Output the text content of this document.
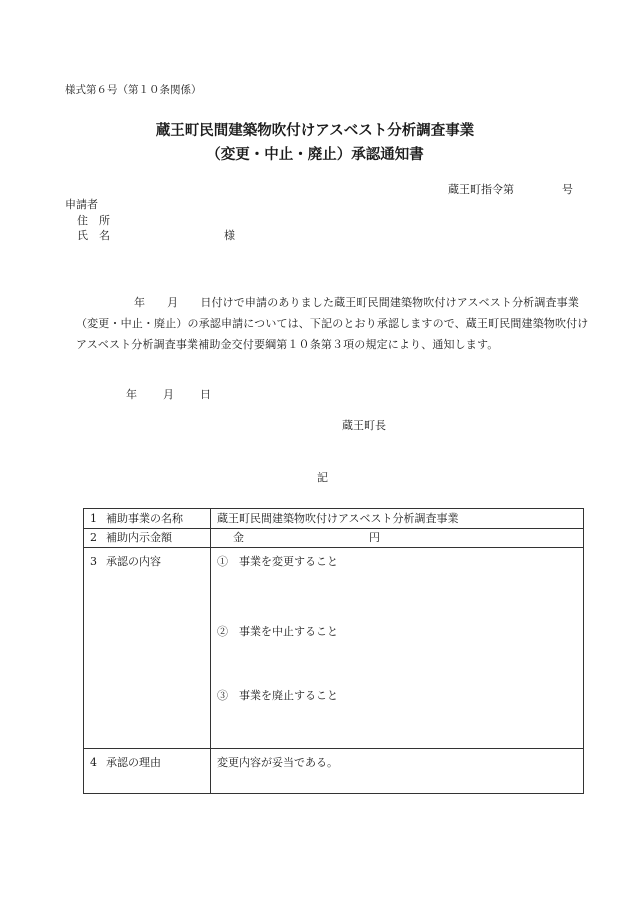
様式第６号（第１０条関係）
蔵王町民間建築物吹付けアスベスト分析調査事業
（変更・中止・廃止）承認通知書
蔵王町指令第	号
申請者
住　所
氏　名	様
年 月 日付けで申請のありました蔵王町民間建築物吹付けアスベスト分析調査事業（変更・中止・廃止）の承認申請については、下記のとおり承認しますので、蔵王町民間建築物吹付けアスベスト分析調査事業補助金交付要綱第１０条第３項の規定により、通知します。
年 月 日
蔵王町長
記
1 補助事業の名称	蔵王町民間建築物吹付けアスベスト分析調査事業
2 補助内示金額	金 円

3 承認の内容	①　事業を変更すること
②　事業を中止すること
③　事業を廃止すること

4 承認の理由	変更内容が妥当である。
